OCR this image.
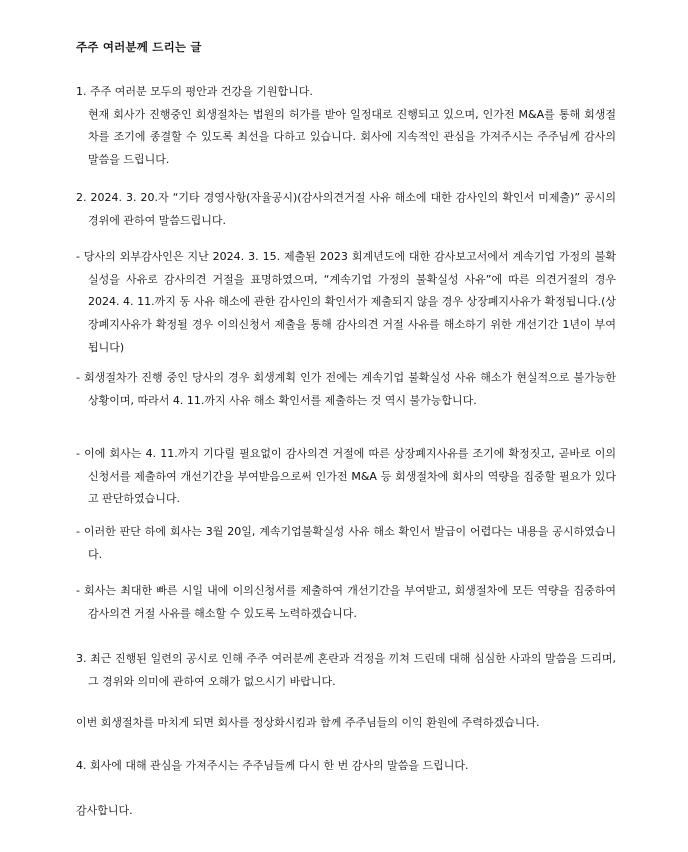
주주 여러분께 드리는 글

1. 주주 여러분 모두의 평안과 건강을 기원합니다.

현재 회사가 진행중인 회생절차는 법원의 허가를 받아 일정대로 진행되고 있으며, 인가전 M&A를 통해 회생절차를 조기에 종결할 수 있도록 최선을 다하고 있습니다. 회사에 지속적인 관심을 가져주시는 주주님께 감사의 말씀을 드립니다.

2. 2024. 3. 20.자 “기타 경영사항(자율공시)(감사의견거절 사유 해소에 대한 감사인의 확인서 미제출)” 공시의 경위에 관하여 말씀드립니다.

- 당사의 외부감사인은 지난 2024. 3. 15. 제출된 2023 회계년도에 대한 감사보고서에서 계속기업 가정의 불확실성을 사유로 감사의견 거절을 표명하였으며, “계속기업 가정의 불확실성 사유”에 따른 의견거절의 경우 2024. 4. 11.까지 동 사유 해소에 관한 감사인의 확인서가 제출되지 않을 경우 상장폐지사유가 확정됩니다.(상장폐지사유가 확정될 경우 이의신청서 제출을 통해 감사의견 거절 사유를 해소하기 위한 개선기간 1년이 부여됩니다)

- 회생절차가 진행 중인 당사의 경우 회생계획 인가 전에는 계속기업 불확실성 사유 해소가 현실적으로 불가능한 상황이며, 따라서 4. 11.까지 사유 해소 확인서를 제출하는 것 역시 불가능합니다.

- 이에 회사는 4. 11.까지 기다릴 필요없이 감사의견 거절에 따른 상장폐지사유를 조기에 확정짓고, 곧바로 이의신청서를 제출하여 개선기간을 부여받음으로써 인가전 M&A 등 회생절차에 회사의 역량을 집중할 필요가 있다고 판단하였습니다.

- 이러한 판단 하에 회사는 3월 20일, 계속기업불확실성 사유 해소 확인서 발급이 어렵다는 내용을 공시하였습니다.

- 회사는 최대한 빠른 시일 내에 이의신청서를 제출하여 개선기간을 부여받고, 회생절차에 모든 역량을 집중하여 감사의견 거절 사유를 해소할 수 있도록 노력하겠습니다.

3. 최근 진행된 일련의 공시로 인해 주주 여러분께 혼란과 걱정을 끼쳐 드린데 대해 심심한 사과의 말씀을 드리며, 그 경위와 의미에 관하여 오해가 없으시기 바랍니다.

이번 회생절차를 마치게 되면 회사를 정상화시킴과 함께 주주님들의 이익 환원에 주력하겠습니다.

4. 회사에 대해 관심을 가져주시는 주주님들께 다시 한 번 감사의 말씀을 드립니다.

감사합니다.
